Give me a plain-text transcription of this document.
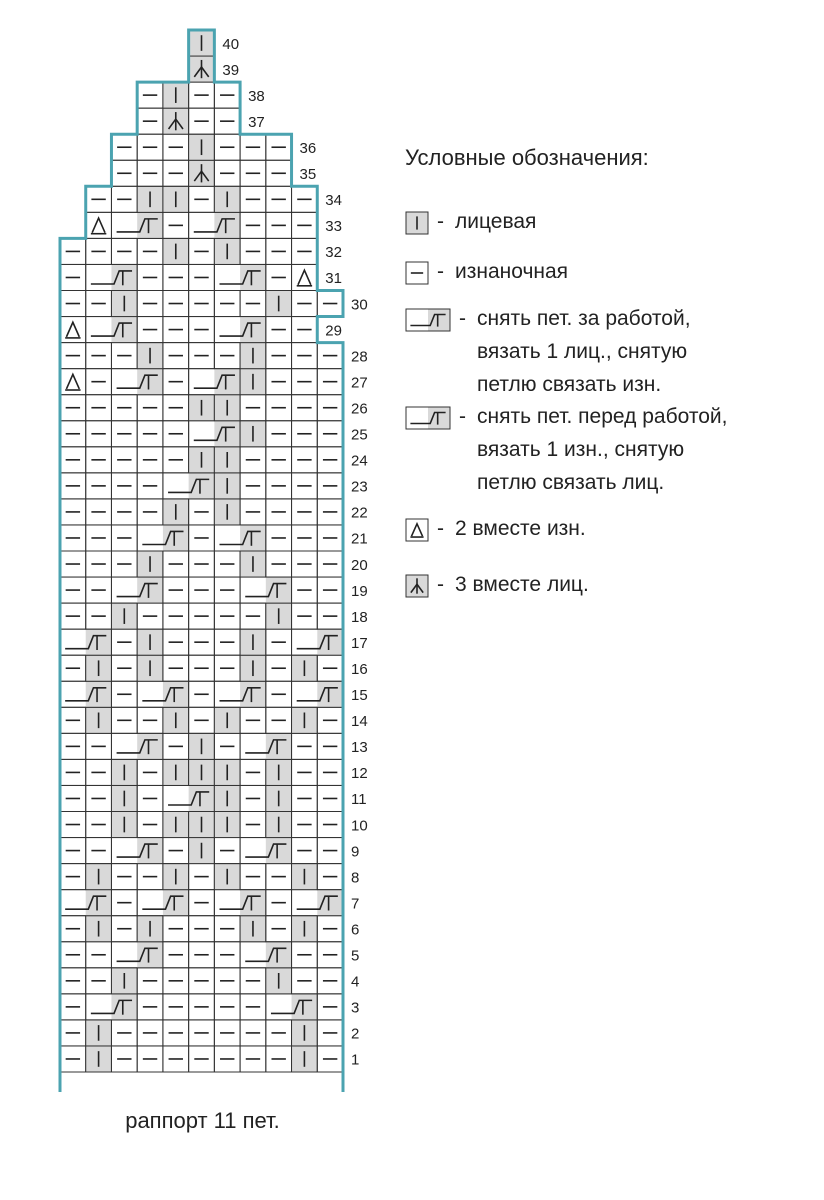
1
2
3
4
5
6
7
8
9
10
11
12
13
14
15
16
17
18
19
20
21
22
23
24
25
26
27
28
29
30
31
32
33
34
35
36
37
38
39
40
Условные обозначения:
- лицевая
- изнаночная
- снять пет. за работой,
вязать 1 лиц., снятую
петлю связать изн.
- снять пет. перед работой,
вязать 1 изн., снятую
петлю связать лиц.
- 2 вместе изн.
- 3 вместе лиц.
раппорт 11 пет.
